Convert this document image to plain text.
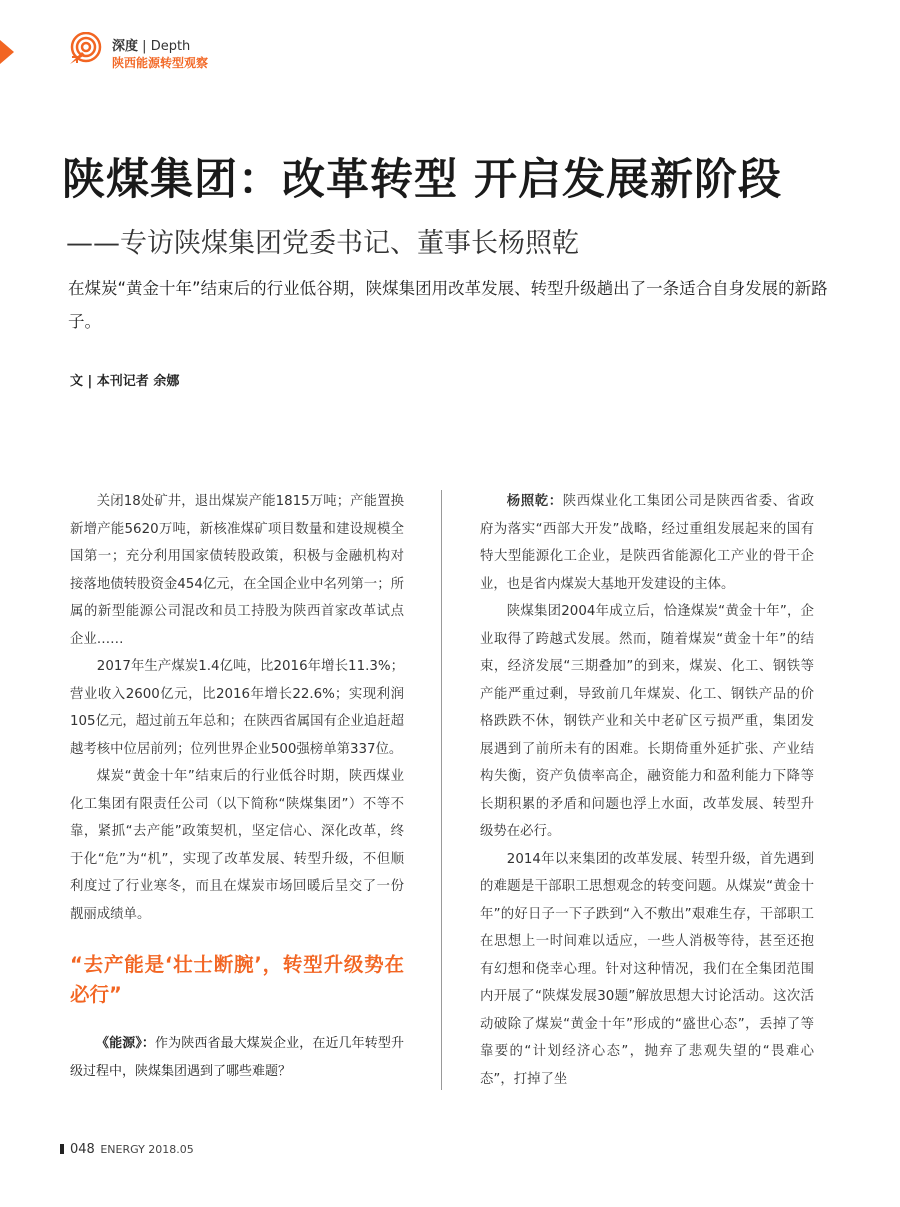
深度 | Depth
陕西能源转型观察
陕煤集团：改革转型 开启发展新阶段
——专访陕煤集团党委书记、董事长杨照乾
在煤炭“黄金十年”结束后的行业低谷期，陕煤集团用改革发展、转型升级趟出了一条适合自身发展的新路子。
文 | 本刊记者 余娜

关闭18处矿井，退出煤炭产能1815万吨；产能置换新增产能5620万吨，新核准煤矿项目数量和建设规模全国第一；充分利用国家债转股政策，积极与金融机构对接落地债转股资金454亿元，在全国企业中名列第一；所属的新型能源公司混改和员工持股为陕西首家改革试点企业……

2017年生产煤炭1.4亿吨，比2016年增长11.3%；营业收入2600亿元，比2016年增长22.6%；实现利润105亿元，超过前五年总和；在陕西省属国有企业追赶超越考核中位居前列；位列世界企业500强榜单第337位。

煤炭“黄金十年”结束后的行业低谷时期，陕西煤业化工集团有限责任公司（以下简称“陕煤集团”）不等不靠，紧抓“去产能”政策契机，坚定信心、深化改革，终于化“危”为“机”，实现了改革发展、转型升级，不但顺利度过了行业寒冬，而且在煤炭市场回暖后呈交了一份靓丽成绩单。

“去产能是‘壮士断腕’，转型升级势在必行”

《能源》：作为陕西省最大煤炭企业，在近几年转型升级过程中，陕煤集团遇到了哪些难题？

杨照乾：陕西煤业化工集团公司是陕西省委、省政府为落实“西部大开发”战略，经过重组发展起来的国有特大型能源化工企业，是陕西省能源化工产业的骨干企业，也是省内煤炭大基地开发建设的主体。

陕煤集团2004年成立后，恰逢煤炭“黄金十年”，企业取得了跨越式发展。然而，随着煤炭“黄金十年”的结束，经济发展“三期叠加”的到来，煤炭、化工、钢铁等产能严重过剩，导致前几年煤炭、化工、钢铁产品的价格跌跌不休，钢铁产业和关中老矿区亏损严重，集团发展遇到了前所未有的困难。长期倚重外延扩张、产业结构失衡，资产负债率高企，融资能力和盈利能力下降等长期积累的矛盾和问题也浮上水面，改革发展、转型升级势在必行。

2014年以来集团的改革发展、转型升级，首先遇到的难题是干部职工思想观念的转变问题。从煤炭“黄金十年”的好日子一下子跌到“入不敷出”艰难生存，干部职工在思想上一时间难以适应，一些人消极等待，甚至还抱有幻想和侥幸心理。针对这种情况，我们在全集团范围内开展了“陕煤发展30题”解放思想大讨论活动。这次活动破除了煤炭“黄金十年”形成的“盛世心态”，丢掉了等靠要的“计划经济心态”，抛弃了悲观失望的“畏难心态”，打掉了坐

048 ENERGY 2018.05
